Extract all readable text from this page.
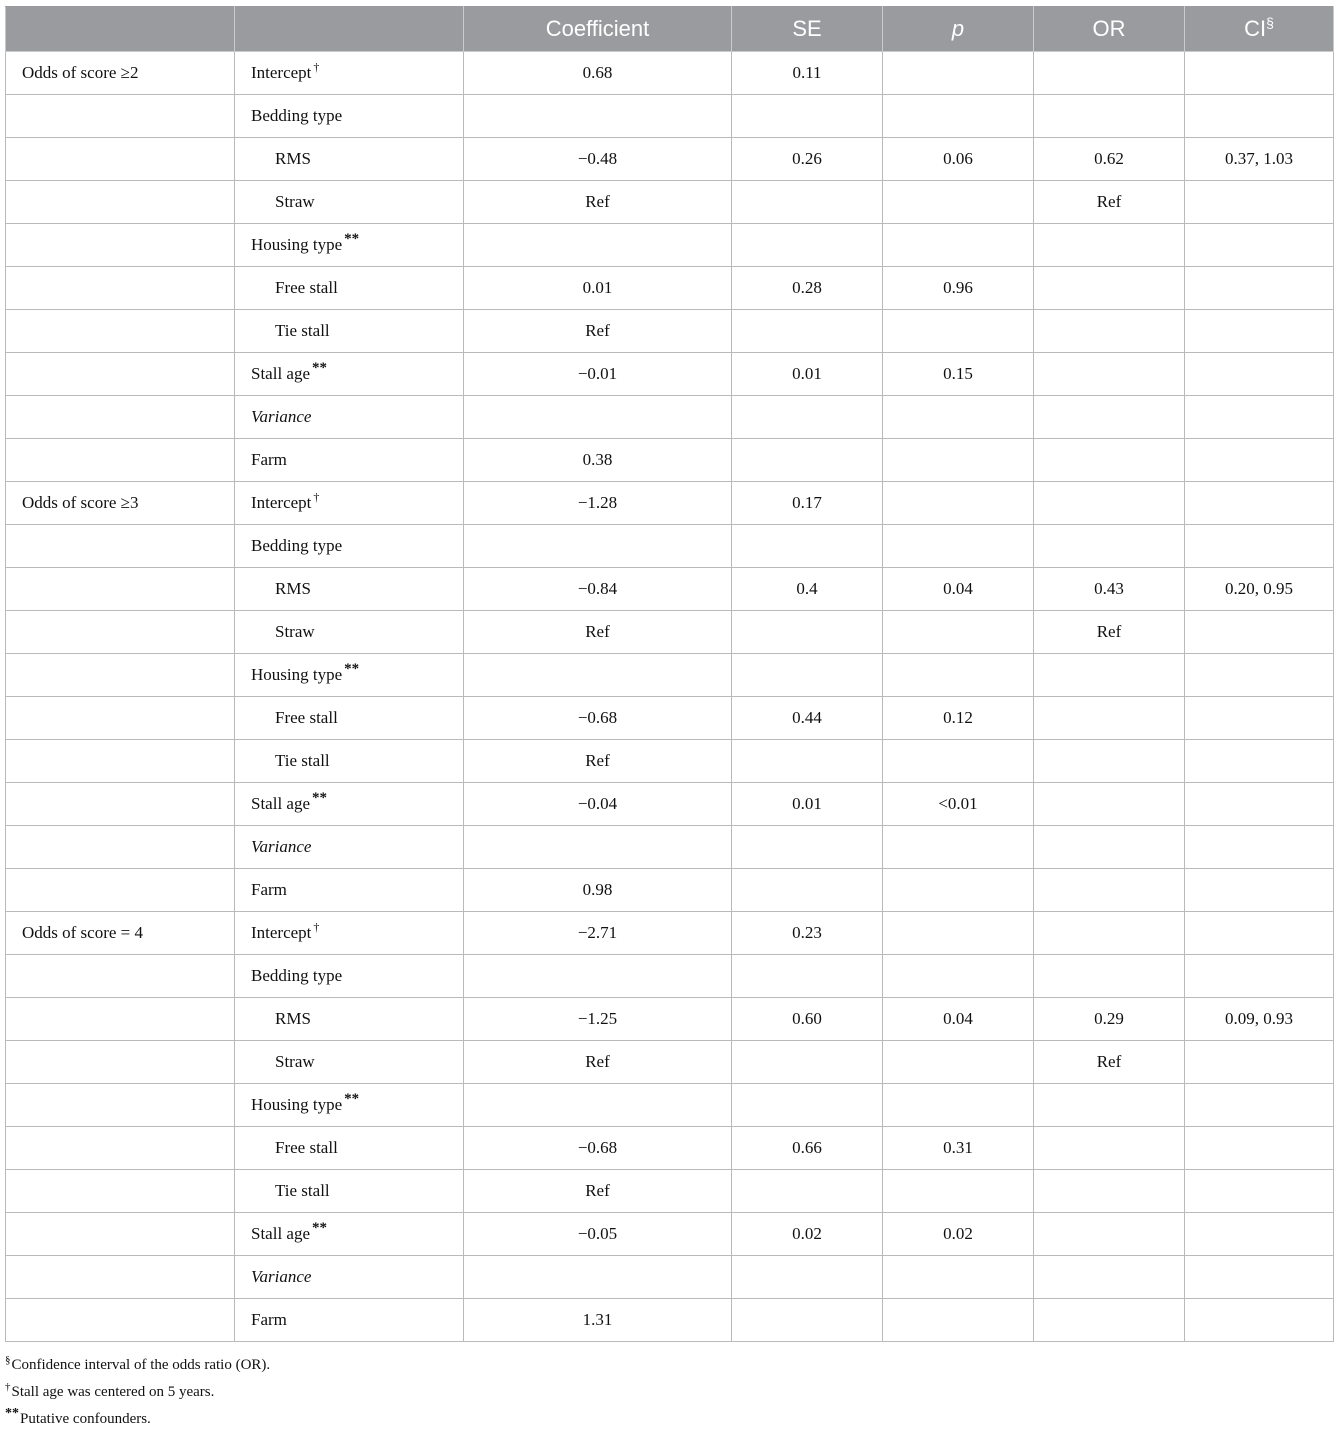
		Coefficient	SE	p	OR	CI§
Odds of score ≥2	Intercept †	0.68	0.11			
	Bedding type					
	RMS	−0.48	0.26	0.06	0.62	0.37, 1.03
	Straw	Ref			Ref	
	Housing type **					
	Free stall	0.01	0.28	0.96		
	Tie stall	Ref				
	Stall age **	−0.01	0.01	0.15		
	Variance					
	Farm	0.38				
Odds of score ≥3	Intercept †	−1.28	0.17			
	Bedding type					
	RMS	−0.84	0.4	0.04	0.43	0.20, 0.95
	Straw	Ref			Ref	
	Housing type **					
	Free stall	−0.68	0.44	0.12		
	Tie stall	Ref				
	Stall age **	−0.04	0.01	<0.01		
	Variance					
	Farm	0.98				
Odds of score = 4	Intercept †	−2.71	0.23			
	Bedding type					
	RMS	−1.25	0.60	0.04	0.29	0.09, 0.93
	Straw	Ref			Ref	
	Housing type **					
	Free stall	−0.68	0.66	0.31		
	Tie stall	Ref				
	Stall age **	−0.05	0.02	0.02		
	Variance					
	Farm	1.31				
§Confidence interval of the odds ratio (OR).
†Stall age was centered on 5 years.
**Putative confounders.
